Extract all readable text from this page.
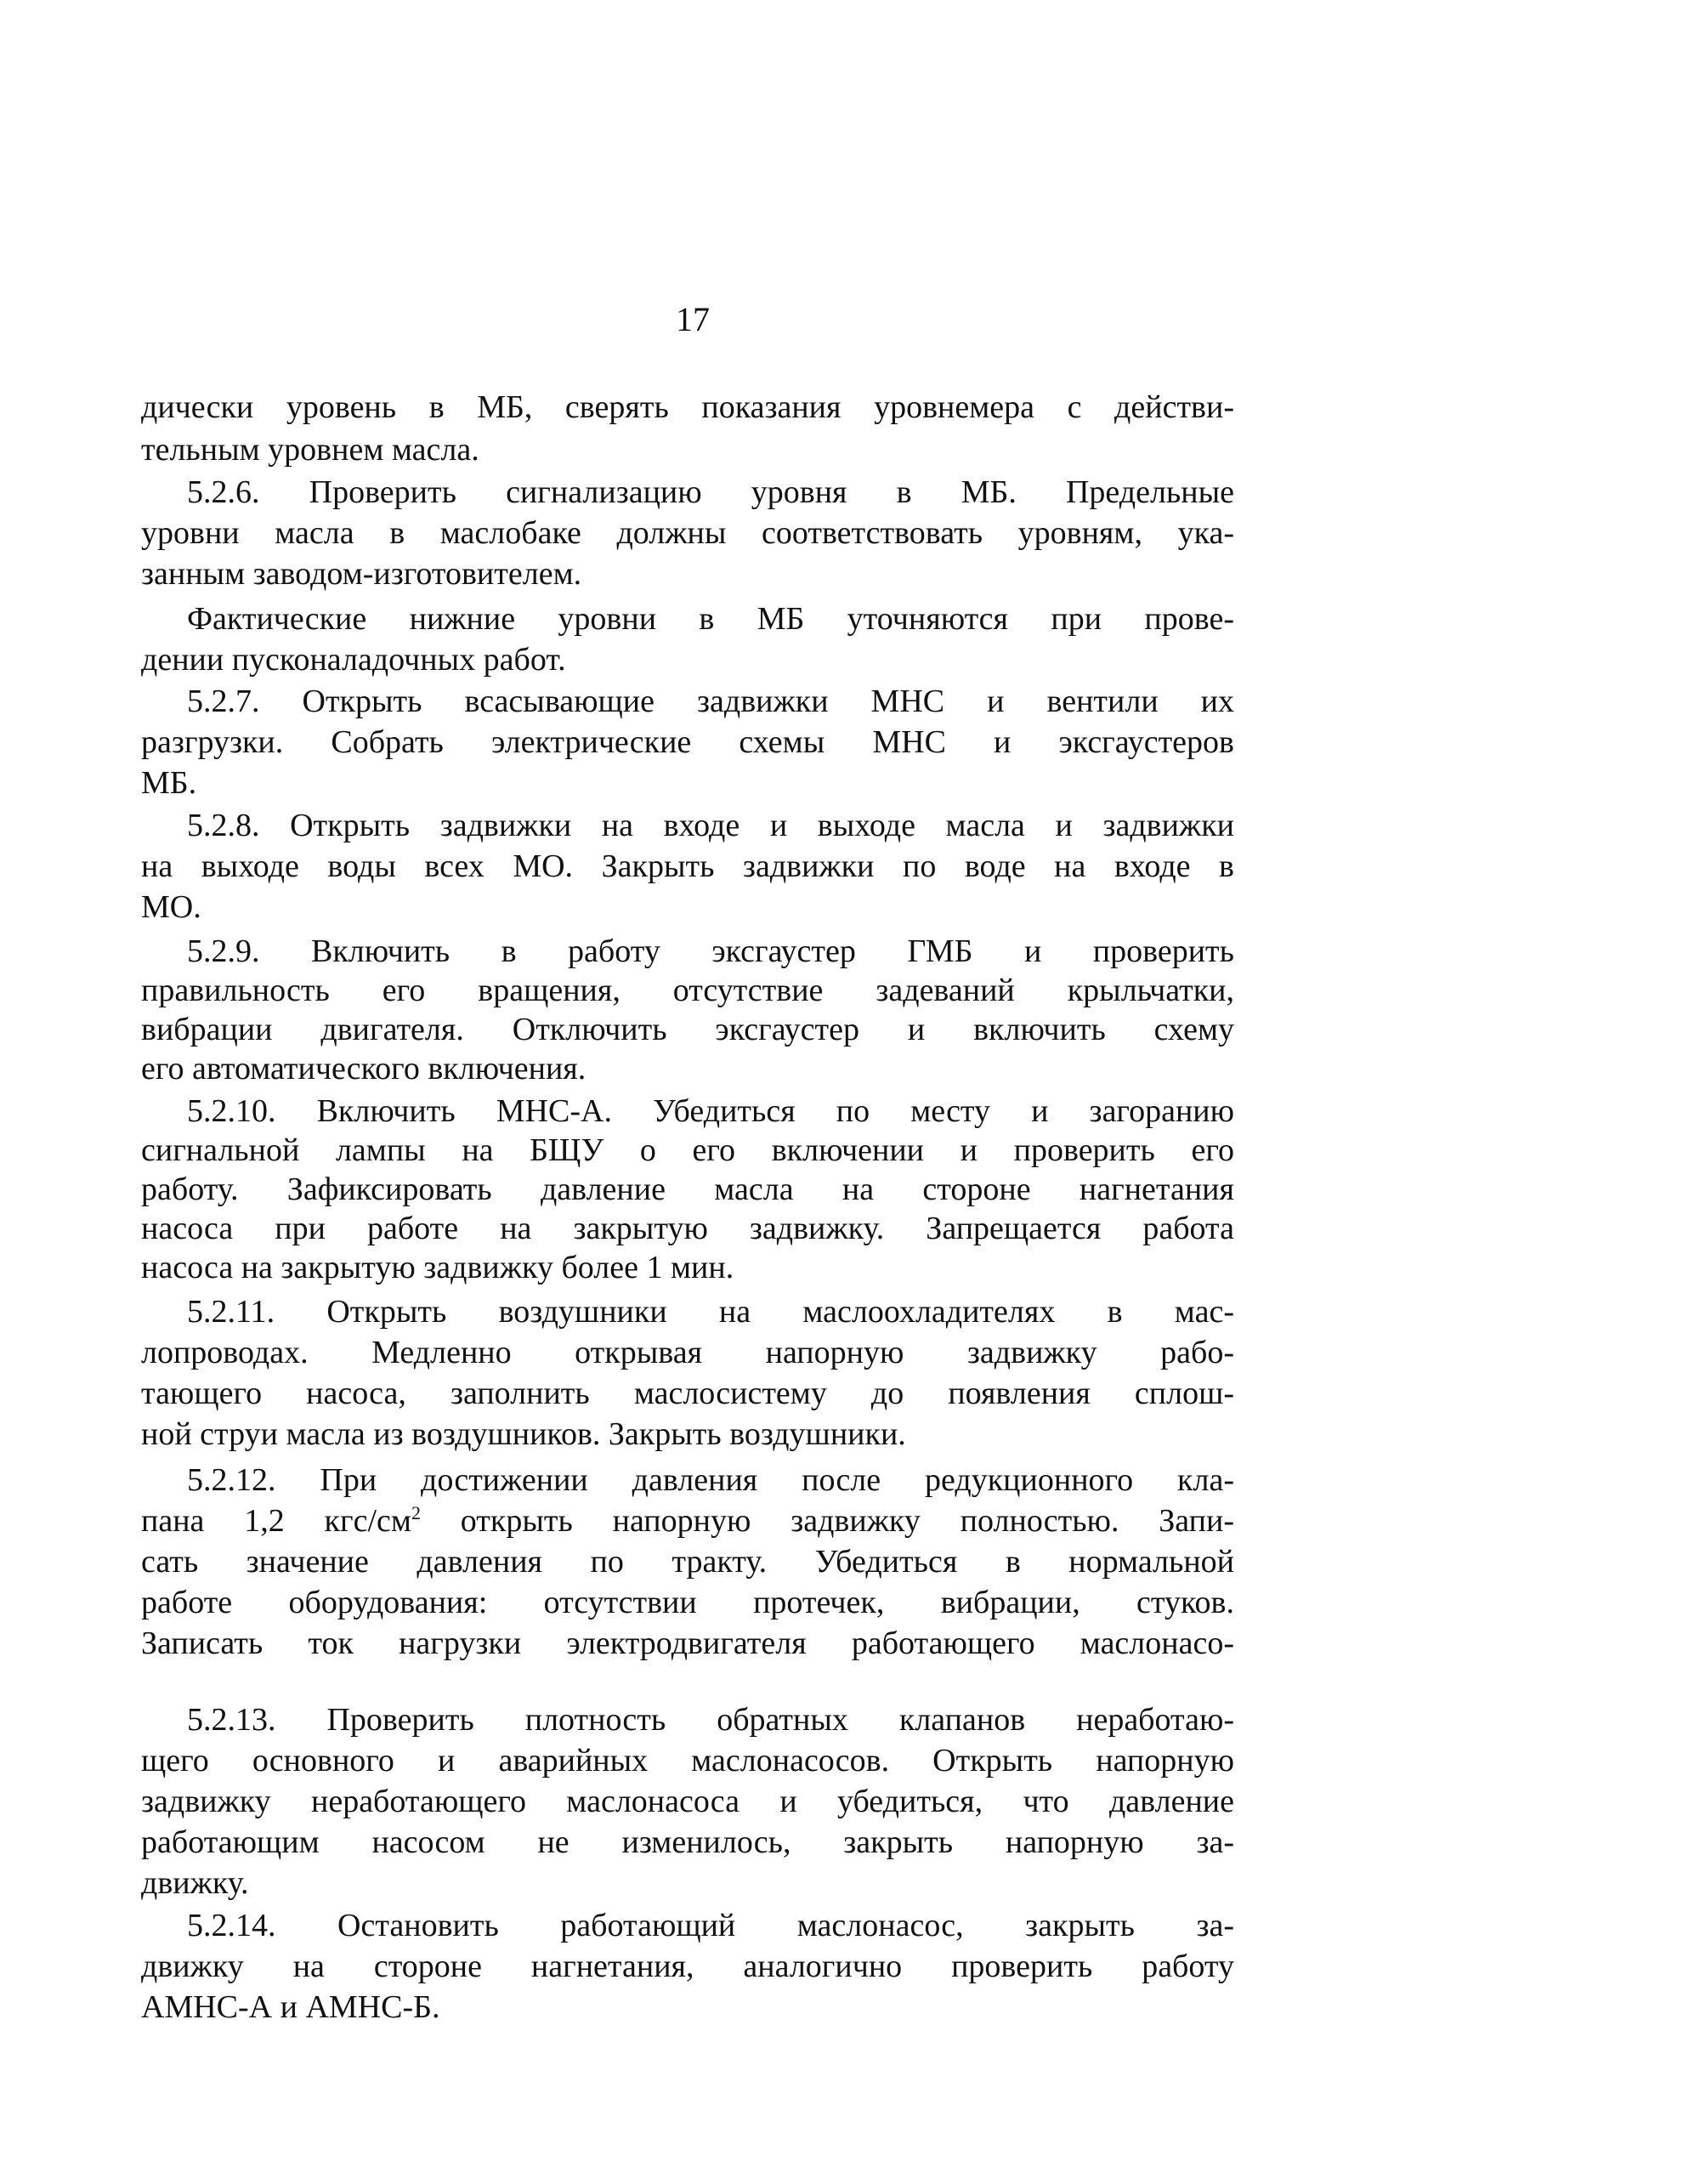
17
дически уровень в МБ, сверять показания уровнемера с действи-
тельным уровнем масла.
5.2.6. Проверить сигнализацию уровня в МБ. Предельные
уровни масла в маслобаке должны соответствовать уровням, ука-
занным заводом-изготовителем.
Фактические нижние уровни в МБ уточняются при прове-
дении пусконаладочных работ.
5.2.7. Открыть всасывающие задвижки МНС и вентили их
разгрузки. Собрать электрические схемы МНС и эксгаустеров
МБ.
5.2.8. Открыть задвижки на входе и выходе масла и задвижки
на выходе воды всех МО. Закрыть задвижки по воде на входе в
МО.
5.2.9. Включить в работу эксгаустер ГМБ и проверить
правильность его вращения, отсутствие задеваний крыльчатки,
вибрации двигателя. Отключить эксгаустер и включить схему
его автоматического включения.
5.2.10. Включить МНС-А. Убедиться по месту и загоранию
сигнальной лампы на БЩУ о его включении и проверить его
работу. Зафиксировать давление масла на стороне нагнетания
насоса при работе на закрытую задвижку. Запрещается работа
насоса на закрытую задвижку более 1 мин.
5.2.11. Открыть воздушники на маслоохладителях в мас-
лопроводах. Медленно открывая напорную задвижку рабо-
тающего насоса, заполнить маслосистему до появления сплош-
ной струи масла из воздушников. Закрыть воздушники.
5.2.12. При достижении давления после редукционного кла-
пана 1,2 кгс/$см^2$ открыть напорную задвижку полностью. Запи-
сать значение давления по тракту. Убедиться в нормальной
работе оборудования: отсутствии протечек, вибрации, стуков.
Записать ток нагрузки электродвигателя работающего маслонасо-
5.2.13. Проверить плотность обратных клапанов неработаю-
щего основного и аварийных маслонасосов. Открыть напорную
задвижку неработающего маслонасоса и убедиться, что давление
работающим насосом не изменилось, закрыть напорную за-
движку.
5.2.14. Остановить работающий маслонасос, закрыть за-
движку на стороне нагнетания, аналогично проверить работу
АМНС-А и АМНС-Б.
